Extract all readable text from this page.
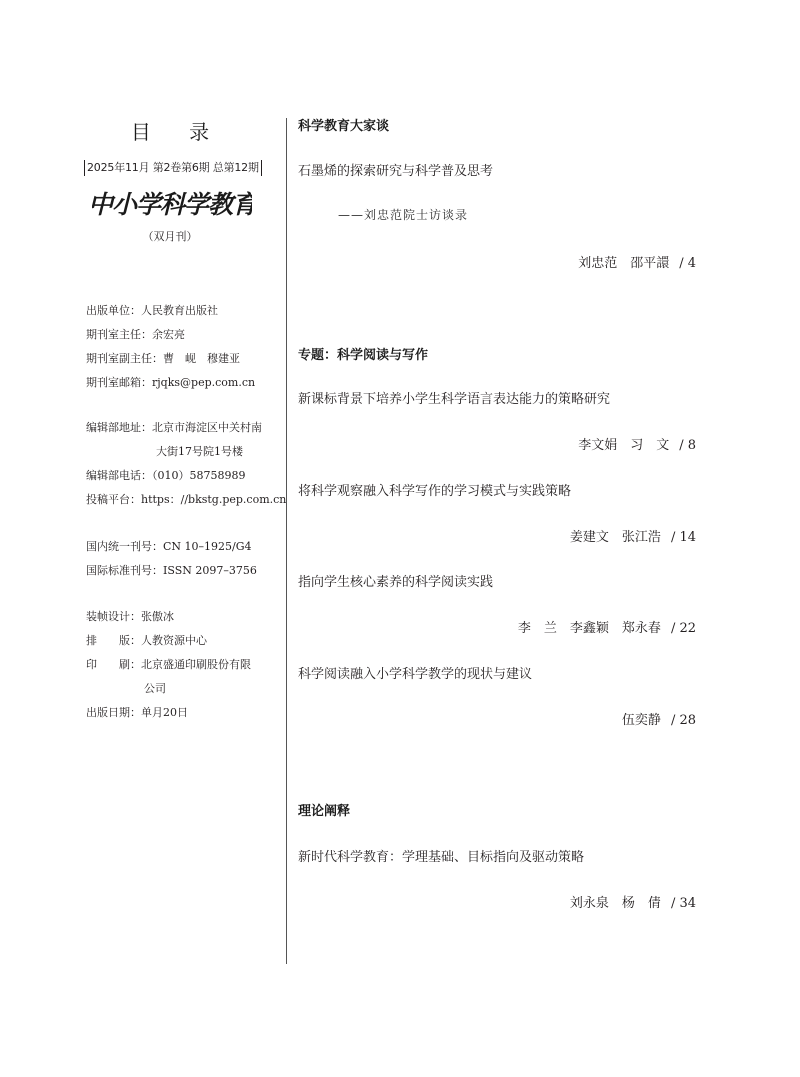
目 录
2025年11月 第2卷第6期 总第12期
中小学科学教育
（双月刊）
出版单位：人民教育出版社
期刊室主任：余宏亮
期刊室副主任：曹　岘　穆建亚
期刊室邮箱：rjqks@pep.com.cn
编辑部地址：北京市海淀区中关村南
大街17号院1号楼
编辑部电话：（010）58758989
投稿平台：https：//bkstg.pep.com.cn
国内统一刊号：CN 10–1925/G4
国际标准刊号：ISSN 2097–3756
装帧设计：张傲冰
排　　版：人教资源中心
印　　刷：北京盛通印刷股份有限
公司
出版日期：单月20日
科学教育大家谈
石墨烯的探索研究与科学普及思考
——刘忠范院士访谈录
刘忠范　邵平譞 / 4
专题：科学阅读与写作
新课标背景下培养小学生科学语言表达能力的策略研究
李文娟　习　文 / 8
将科学观察融入科学写作的学习模式与实践策略
姜建文　张江浩 / 14
指向学生核心素养的科学阅读实践
李　兰　李鑫颖　郑永春 / 22
科学阅读融入小学科学教学的现状与建议
伍奕静 / 28
理论阐释
新时代科学教育：学理基础、目标指向及驱动策略
刘永泉　杨　倩 / 34
